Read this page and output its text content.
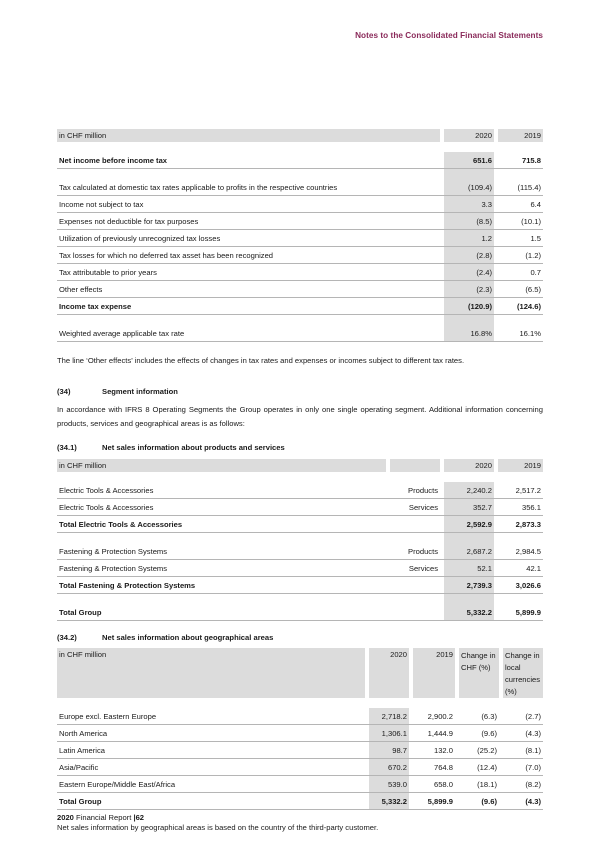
Notes to the Consolidated Financial Statements
in CHF million		2020		2019

Net income before income tax		651.6		715.8

Tax calculated at domestic tax rates applicable to profits in the respective countries		(109.4)		(115.4)
Income not subject to tax		3.3		6.4
Expenses not deductible for tax purposes		(8.5)		(10.1)
Utilization of previously unrecognized tax losses		1.2		1.5
Tax losses for which no deferred tax asset has been recognized		(2.8)		(1.2)
Tax attributable to prior years		(2.4)		0.7
Other effects		(2.3)		(6.5)
Income tax expense		(120.9)		(124.6)

Weighted average applicable tax rate		16.8%		16.1%
The line ‘Other effects’ includes the effects of changes in tax rates and expenses or incomes subject to different tax rates.
(34)	Segment information
In accordance with IFRS 8 Operating Segments the Group operates in only one single operating segment. Additional information concerning products, services and geographical areas is as follows:
(34.1)	Net sales information about products and services
in CHF million				2020		2019

Electric Tools & Accessories		Products		2,240.2		2,517.2
Electric Tools & Accessories		Services		352.7		356.1
Total Electric Tools & Accessories				2,592.9		2,873.3

Fastening & Protection Systems		Products		2,687.2		2,984.5
Fastening & Protection Systems		Services		52.1		42.1
Total Fastening & Protection Systems				2,739.3		3,026.6

Total Group				5,332.2		5,899.9
(34.2)	Net sales information about geographical areas
in CHF million		2020		2019		Change in CHF (%)		Change in local currencies (%)

Europe excl. Eastern Europe		2,718.2		2,900.2		(6.3)		(2.7)
North America		1,306.1		1,444.9		(9.6)		(4.3)
Latin America		98.7		132.0		(25.2)		(8.1)
Asia/Pacific		670.2		764.8		(12.4)		(7.0)
Eastern Europe/Middle East/Africa		539.0		658.0		(18.1)		(8.2)
Total Group		5,332.2		5,899.9		(9.6)		(4.3)
Net sales information by geographical areas is based on the country of the third-party customer.
2020 Financial Report |62
